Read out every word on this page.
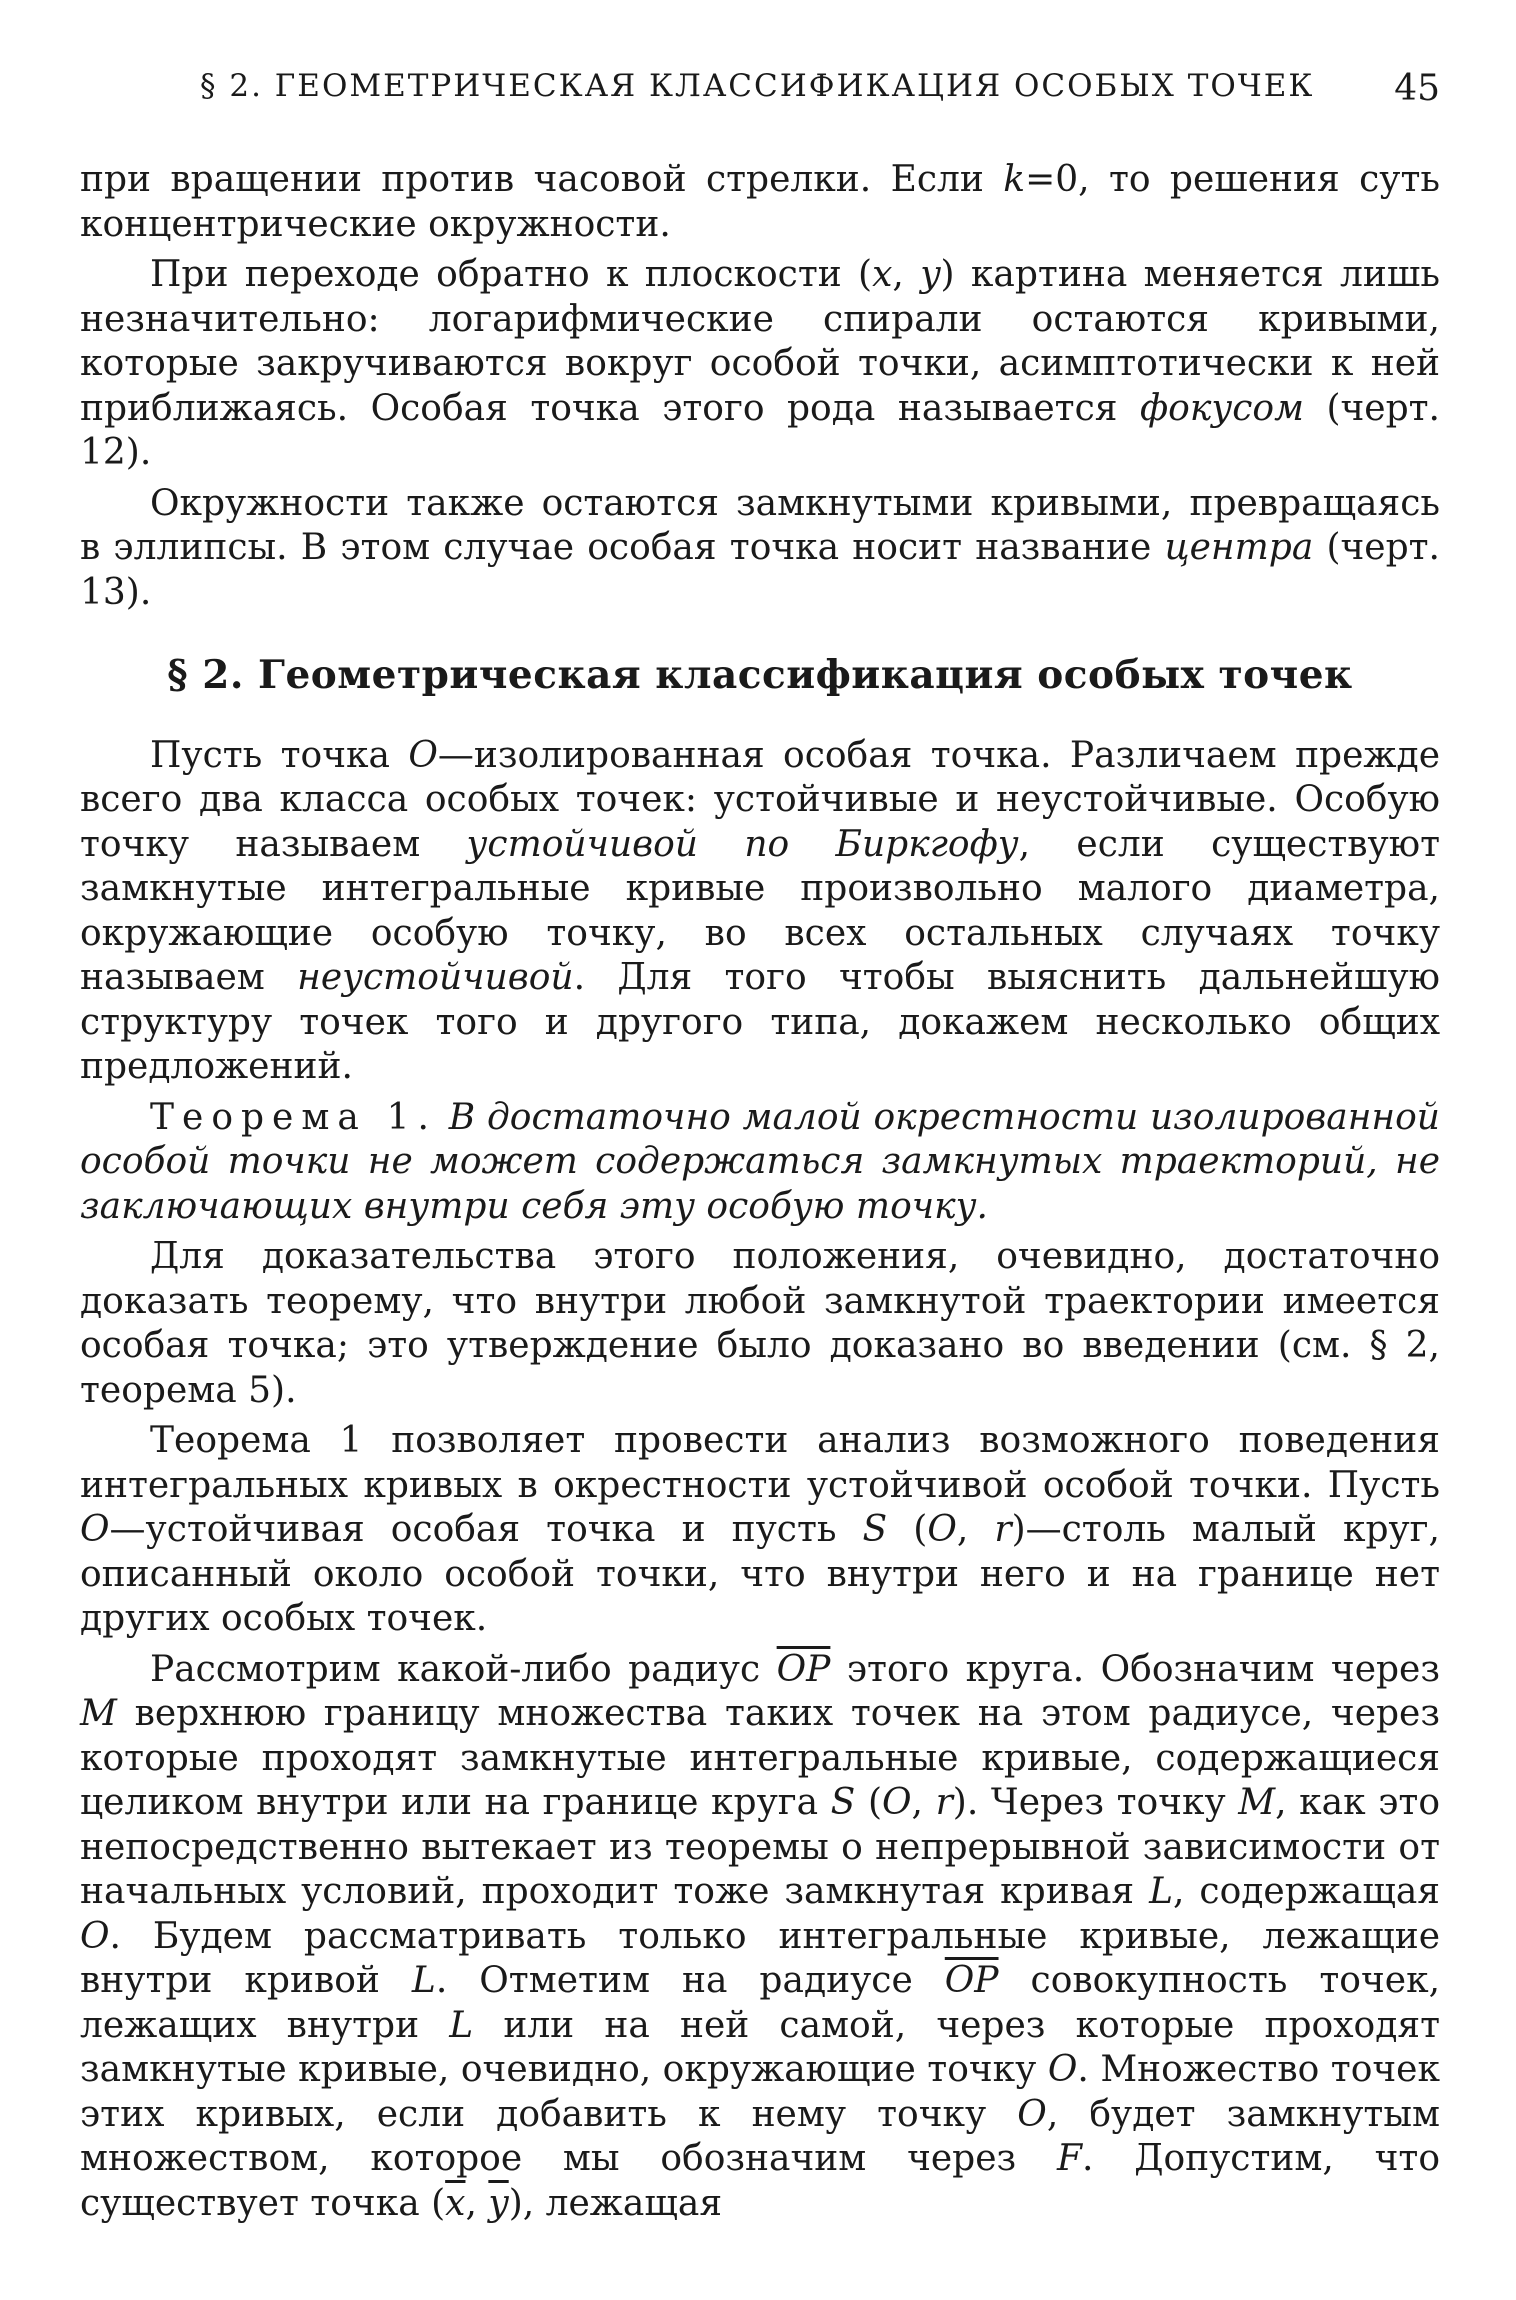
§ 2. ГЕОМЕТРИЧЕСКАЯ КЛАССИФИКАЦИЯ ОСОБЫХ ТОЧЕК 45

при вращении против часовой стрелки. Если k=0, то решения суть концентрические окружности.

При переходе обратно к плоскости (x, y) картина меняется лишь незначительно: логарифмические спирали остаются кривыми, которые закручиваются вокруг особой точки, асимптотически к ней приближаясь. Особая точка этого рода называется фокусом (черт. 12).

Окружности также остаются замкнутыми кривыми, превращаясь в эллипсы. В этом случае особая точка носит название центра (черт. 13).

§ 2. Геометрическая классификация особых точек

Пусть точка O—изолированная особая точка. Различаем прежде всего два класса особых точек: устойчивые и неустойчивые. Особую точку называем устойчивой по Биркгофу, если существуют замкнутые интегральные кривые произвольно малого диаметра, окружающие особую точку, во всех остальных случаях точку называем неустойчивой. Для того чтобы выяснить дальнейшую структуру точек того и другого типа, докажем несколько общих предложений.

Теорема 1. В достаточно малой окрестности изолированной особой точки не может содержаться замкнутых траекторий, не заключающих внутри себя эту особую точку.

Для доказательства этого положения, очевидно, достаточно доказать теорему, что внутри любой замкнутой траектории имеется особая точка; это утверждение было доказано во введении (см. § 2, теорема 5).

Теорема 1 позволяет провести анализ возможного поведения интегральных кривых в окрестности устойчивой особой точки. Пусть O—устойчивая особая точка и пусть S (O, r)—столь малый круг, описанный около особой точки, что внутри него и на границе нет других особых точек.

Рассмотрим какой-либо радиус $\overline{OP}$ этого круга. Обозначим через M верхнюю границу множества таких точек на этом радиусе, через которые проходят замкнутые интегральные кривые, содержащиеся целиком внутри или на границе круга S (O, r). Через точку M, как это непосредственно вытекает из теоремы о непрерывной зависимости от начальных условий, проходит тоже замкнутая кривая L, содержащая O. Будем рассматривать только интегральные кривые, лежащие внутри кривой L. Отметим на радиусе $\overline{OP}$ совокупность точек, лежащих внутри L или на ней самой, через которые проходят замкнутые кривые, очевидно, окружающие точку O. Множество точек этих кривых, если добавить к нему точку O, будет замкнутым множеством, которое мы обозначим через F. Допустим, что существует точка ($\overline{x}$, $\overline{y}$), лежащая
